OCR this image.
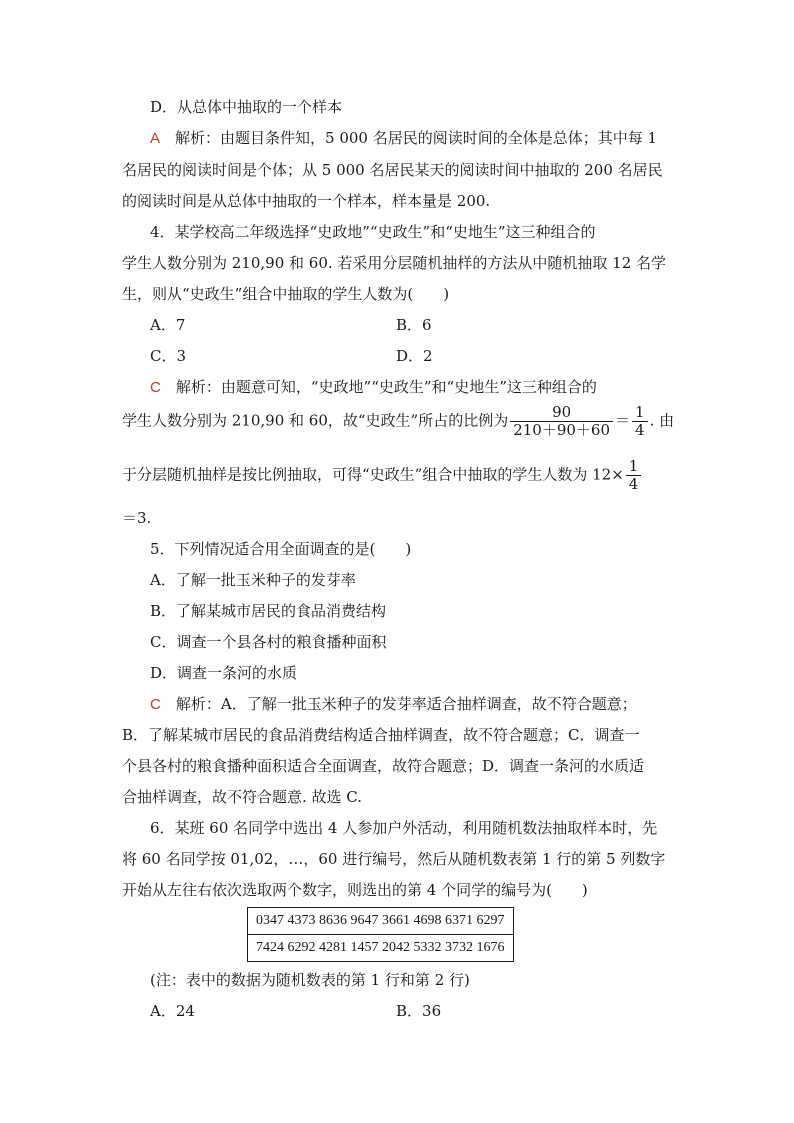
D．从总体中抽取的一个样本
A　 解析：由题目条件知，5 000 名居民的阅读时间的全体是总体；其中每 1
名居民的阅读时间是个体；从 5 000 名居民某天的阅读时间中抽取的 200 名居民
的阅读时间是从总体中抽取的一个样本，样本量是 200.
4．某学校高二年级选择“史政地”“史政生”和“史地生”这三种组合的
学生人数分别为 210,90 和 60. 若采用分层随机抽样的方法从中随机抽取 12 名学
生，则从“史政生”组合中抽取的学生人数为(　　)
A．7	B．6
C．3	D．2
C　 解析：由题意可知，“史政地”“史政生”和“史地生”这三种组合的
学生人数分别为 210,90 和 60，故“史政生”所占的比例为 $\frac{90}{210+90+60} = \frac{1}{4}$ . 由
于分层随机抽样是按比例抽取，可得“史政生”组合中抽取的学生人数为 $12\times \frac{1}{4}$
＝3.
5．下列情况适合用全面调查的是(　　)
A．了解一批玉米种子的发芽率
B．了解某城市居民的食品消费结构
C．调查一个县各村的粮食播种面积
D．调查一条河的水质
C　 解析：A．了解一批玉米种子的发芽率适合抽样调查，故不符合题意；
B．了解某城市居民的食品消费结构适合抽样调查，故不符合题意；C．调查一
个县各村的粮食播种面积适合全面调查，故符合题意；D．调查一条河的水质适
合抽样调查，故不符合题意. 故选 C.
6．某班 60 名同学中选出 4 人参加户外活动，利用随机数法抽取样本时，先
将 60 名同学按 01,02，…，60 进行编号，然后从随机数表第 1 行的第 5 列数字
开始从左往右依次选取两个数字，则选出的第 4 个同学的编号为(　　)
0347 4373 8636 9647 3661 4698 6371 6297
7424 6292 4281 1457 2042 5332 3732 1676
(注：表中的数据为随机数表的第 1 行和第 2 行)
A．24	B．36
